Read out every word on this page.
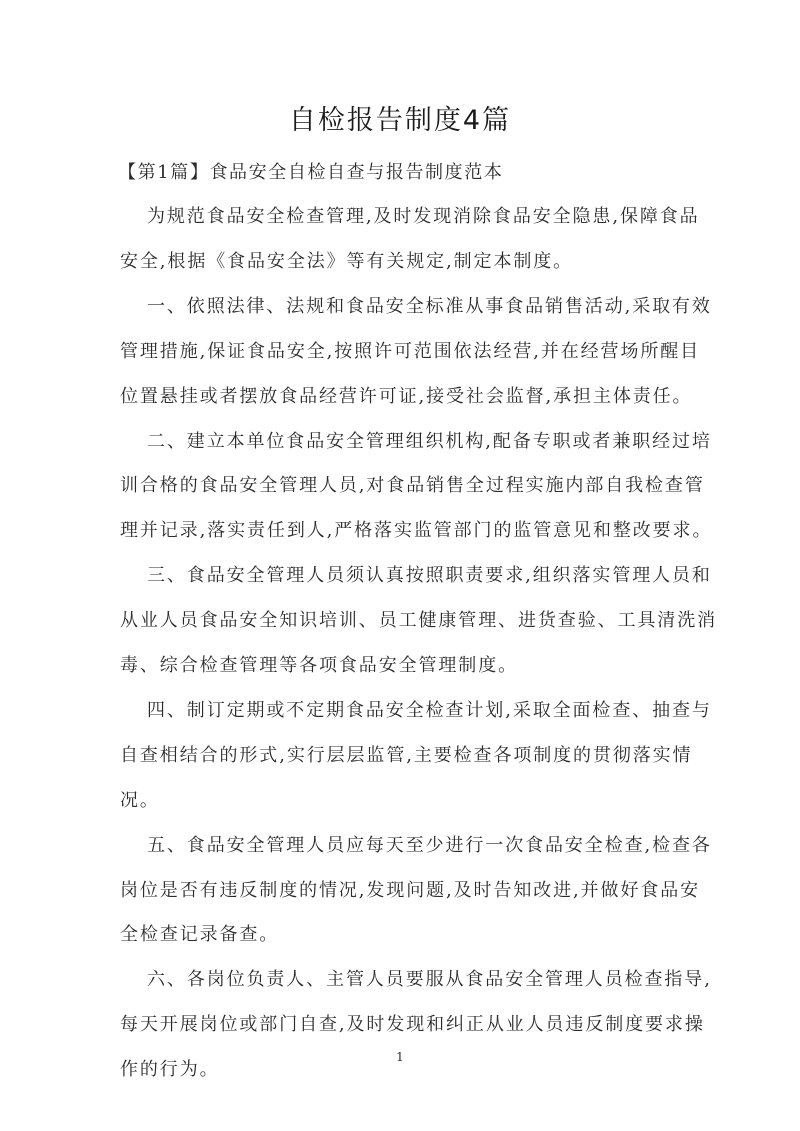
自检报告制度4篇
【第1篇】食品安全自检自查与报告制度范本
为规范食品安全检查管理,及时发现消除食品安全隐患,保障食品
安全,根据《食品安全法》等有关规定,制定本制度。
一、依照法律、法规和食品安全标准从事食品销售活动,采取有效
管理措施,保证食品安全,按照许可范围依法经营,并在经营场所醒目
位置悬挂或者摆放食品经营许可证,接受社会监督,承担主体责任。
二、建立本单位食品安全管理组织机构,配备专职或者兼职经过培
训合格的食品安全管理人员,对食品销售全过程实施内部自我检查管
理并记录,落实责任到人,严格落实监管部门的监管意见和整改要求。
三、食品安全管理人员须认真按照职责要求,组织落实管理人员和
从业人员食品安全知识培训、员工健康管理、进货查验、工具清洗消
毒、综合检查管理等各项食品安全管理制度。
四、制订定期或不定期食品安全检查计划,采取全面检查、抽查与
自查相结合的形式,实行层层监管,主要检查各项制度的贯彻落实情
况。
五、食品安全管理人员应每天至少进行一次食品安全检查,检查各
岗位是否有违反制度的情况,发现问题,及时告知改进,并做好食品安
全检查记录备查。
六、各岗位负责人、主管人员要服从食品安全管理人员检查指导,
每天开展岗位或部门自查,及时发现和纠正从业人员违反制度要求操
作的行为。
1
